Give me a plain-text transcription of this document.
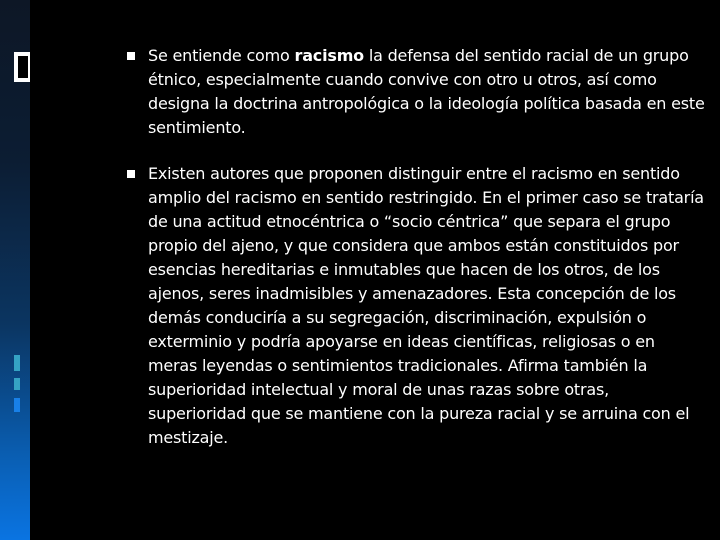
Se entiende como racismo la defensa del sentido racial de un grupo étnico, especialmente cuando convive con otro u otros, así como designa la doctrina antropológica o la ideología política basada en este sentimiento.
Existen autores que proponen distinguir entre el racismo en sentido amplio del racismo en sentido restringido. En el primer caso se trataría de una actitud etnocéntrica o “socio céntrica” que separa el grupo propio del ajeno, y que considera que ambos están constituidos por esencias hereditarias e inmutables que hacen de los otros, de los ajenos, seres inadmisibles y amenazadores. Esta concepción de los demás conduciría a su segregación, discriminación, expulsión o exterminio y podría apoyarse en ideas científicas, religiosas o en meras leyendas o sentimientos tradicionales. Afirma también la superioridad intelectual y moral de unas razas sobre otras, superioridad que se mantiene con la pureza racial y se arruina con el mestizaje.
